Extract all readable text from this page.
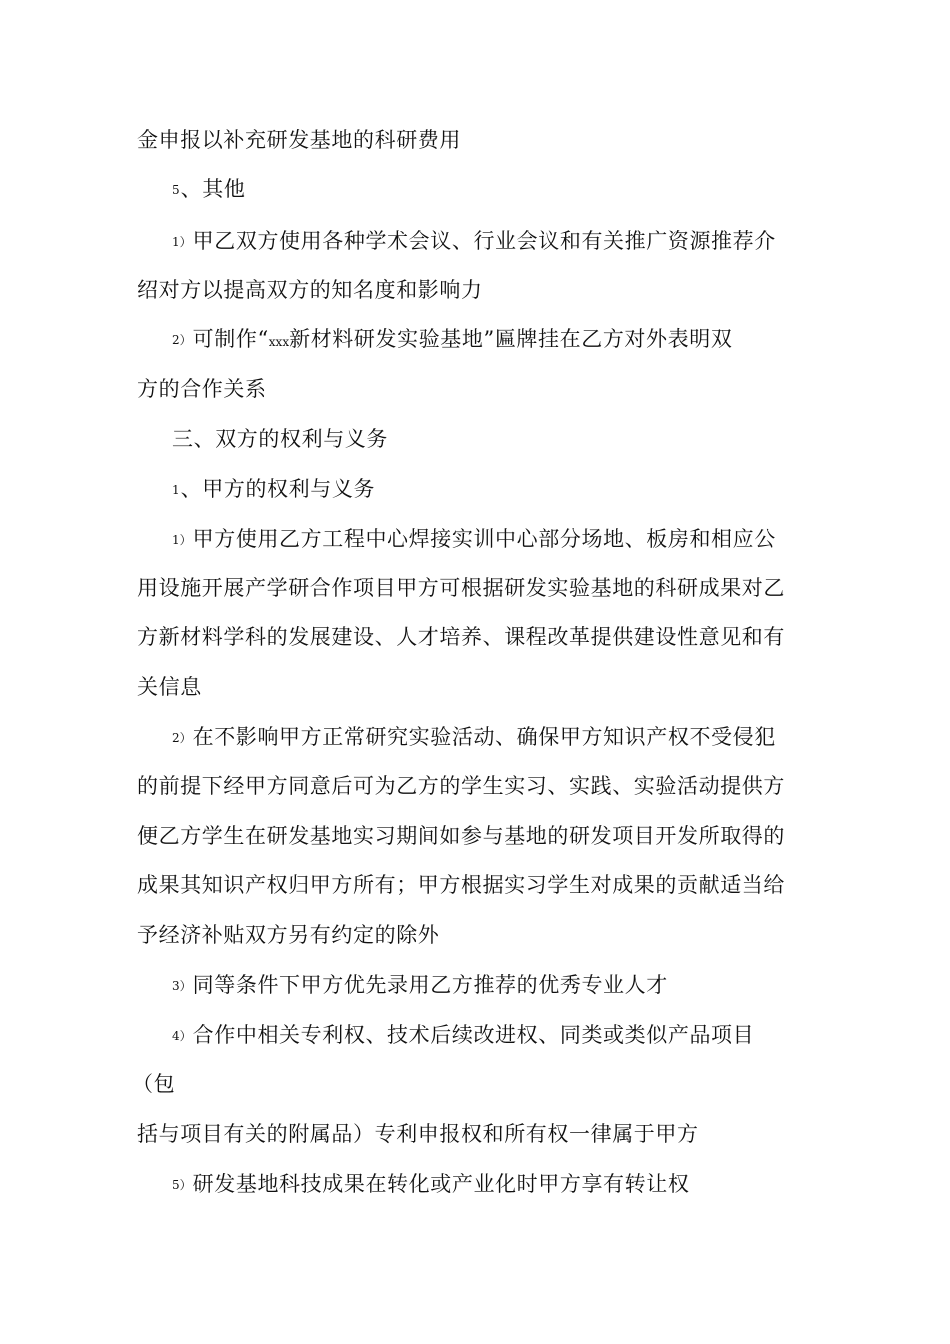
金申报以补充研发基地的科研费用
5、其他
1）甲乙双方使用各种学术会议、行业会议和有关推广资源推荐介
绍对方以提高双方的知名度和影响力
2）可制作“xxx新材料研发实验基地”匾牌挂在乙方对外表明双
方的合作关系
三、双方的权利与义务
1、甲方的权利与义务
1）甲方使用乙方工程中心焊接实训中心部分场地、板房和相应公
用设施开展产学研合作项目甲方可根据研发实验基地的科研成果对乙
方新材料学科的发展建设、人才培养、课程改革提供建设性意见和有
关信息
2）在不影响甲方正常研究实验活动、确保甲方知识产权不受侵犯
的前提下经甲方同意后可为乙方的学生实习、实践、实验活动提供方
便乙方学生在研发基地实习期间如参与基地的研发项目开发所取得的
成果其知识产权归甲方所有；甲方根据实习学生对成果的贡献适当给
予经济补贴双方另有约定的除外
3）同等条件下甲方优先录用乙方推荐的优秀专业人才
4）合作中相关专利权、技术后续改进权、同类或类似产品项目
（包
括与项目有关的附属品）专利申报权和所有权一律属于甲方
5）研发基地科技成果在转化或产业化时甲方享有转让权
